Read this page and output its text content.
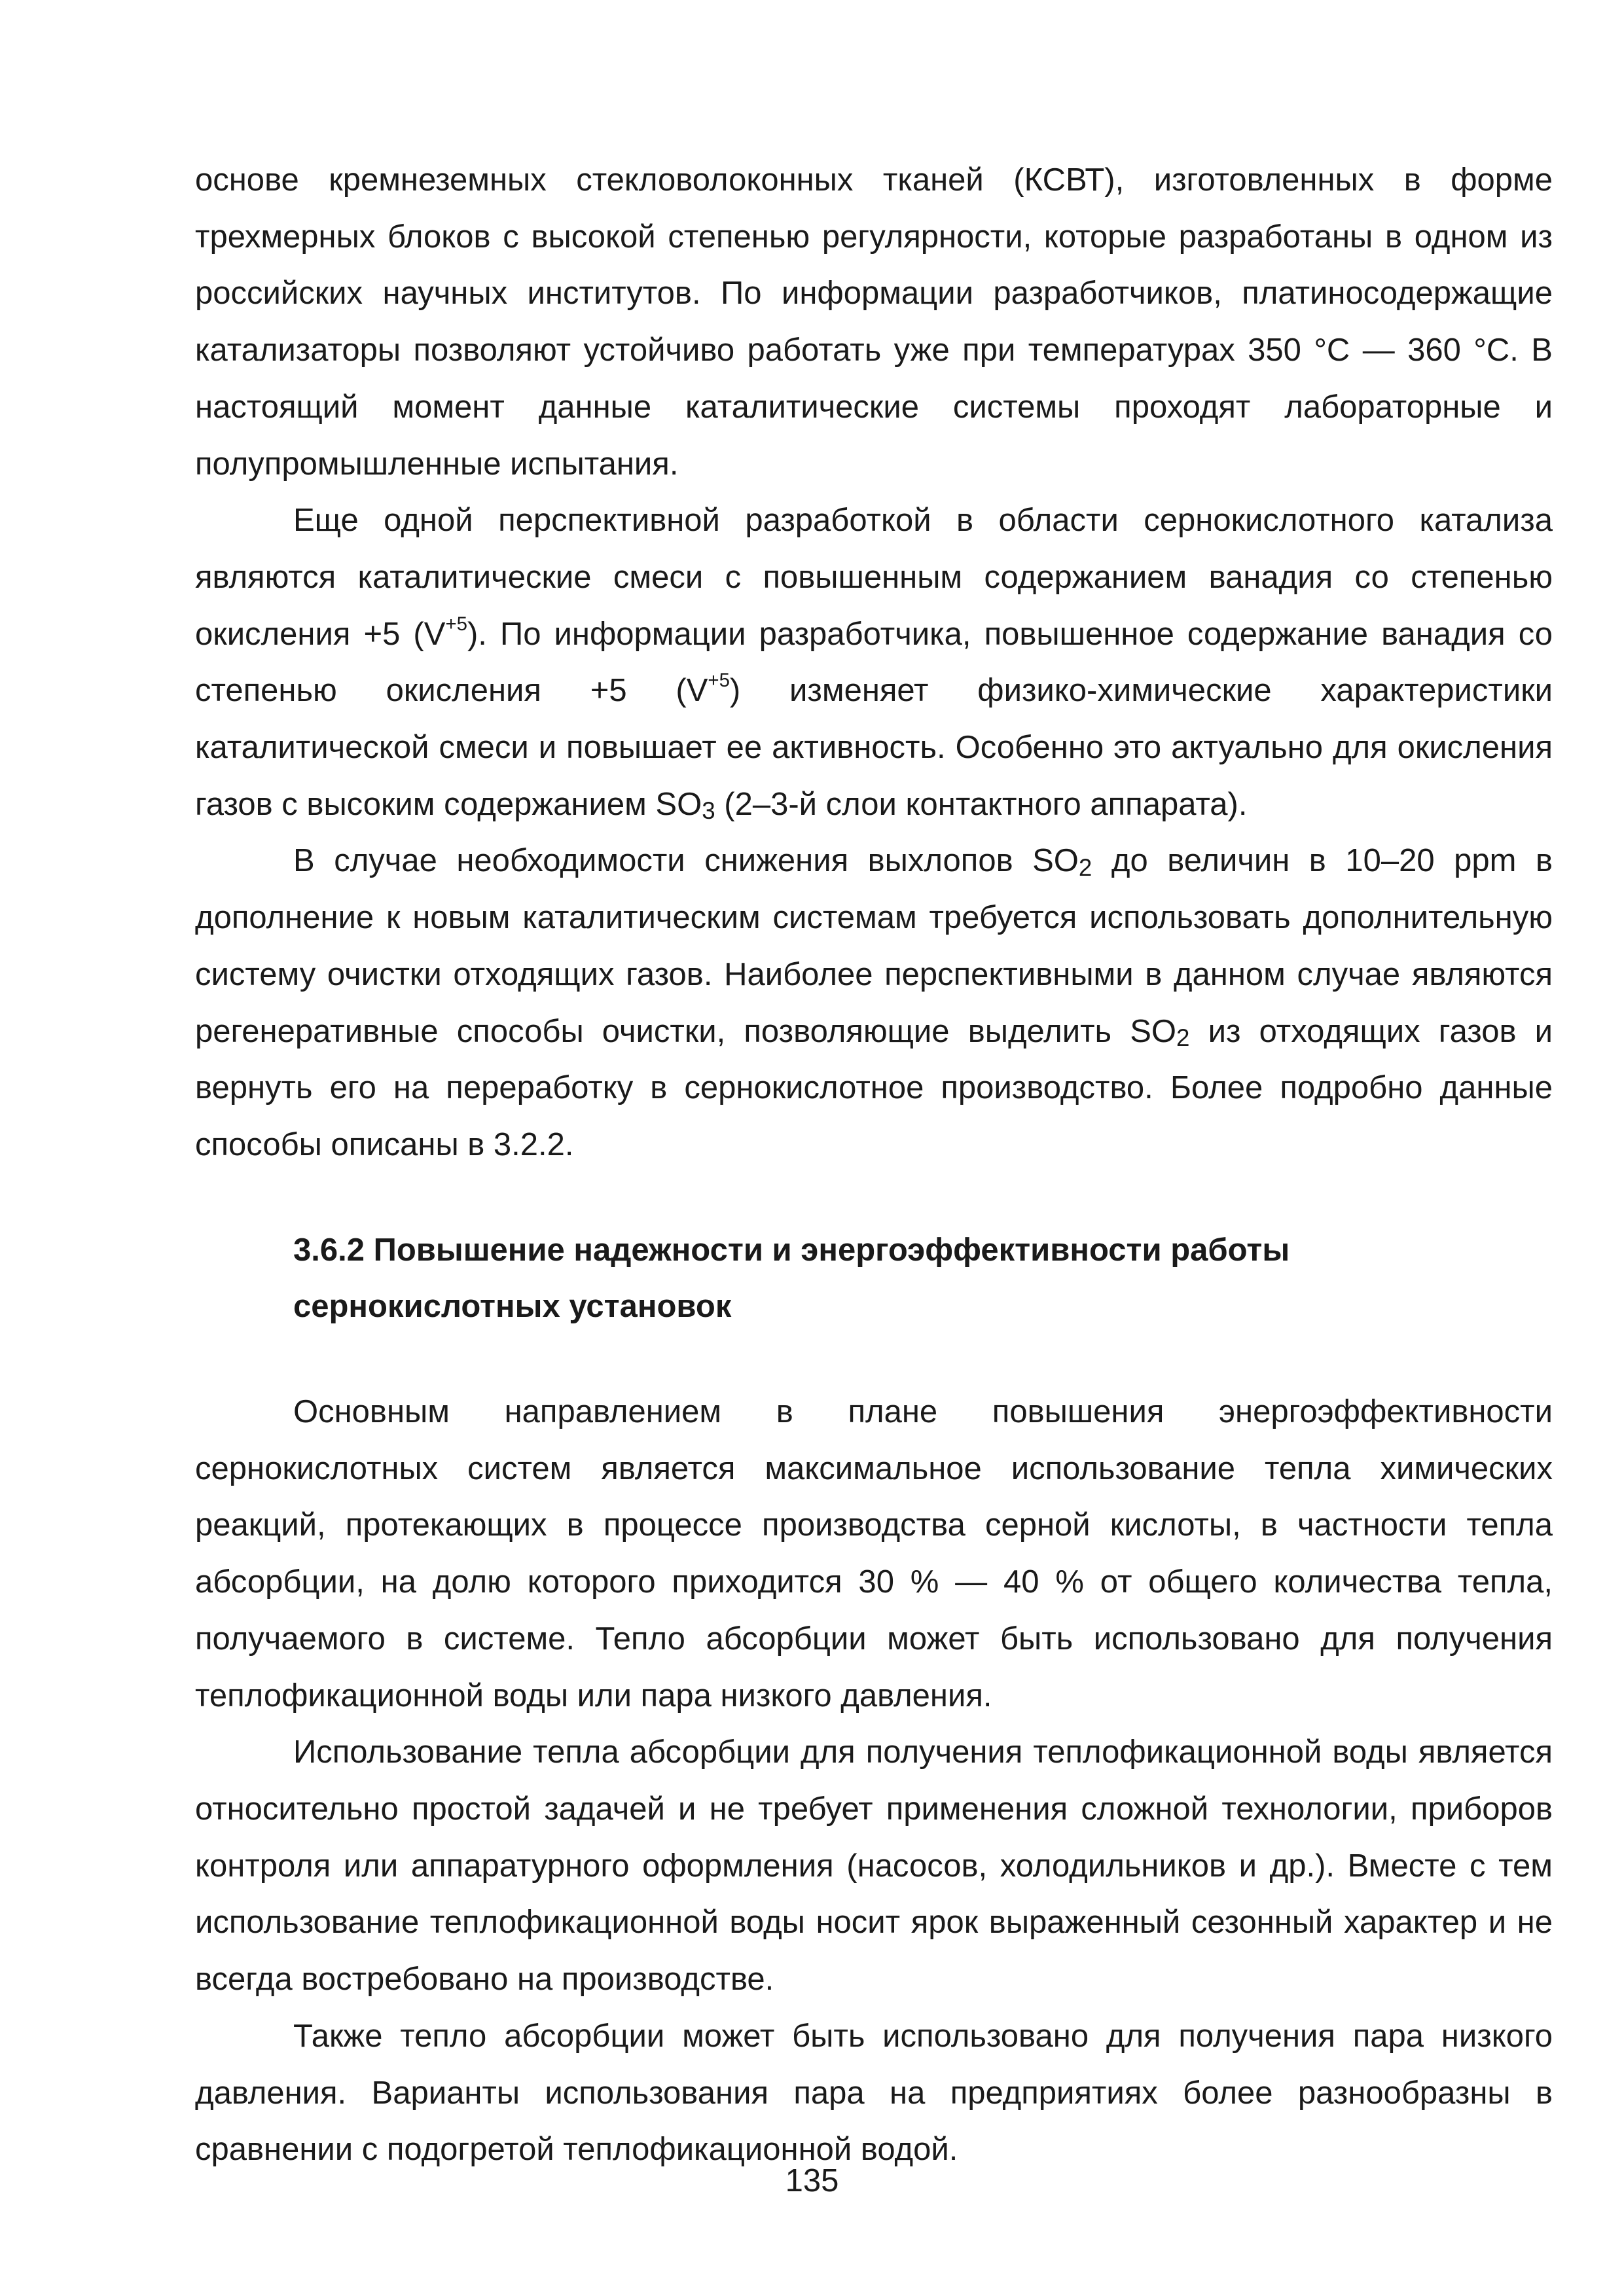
основе кремнеземных стекловолоконных тканей (КСВТ), изготовленных в форме трехмерных блоков с высокой степенью регулярности, которые разработаны в одном из российских научных институтов. По информации разработчиков, платиносодержащие катализаторы позволяют устойчиво работать уже при температурах 350 °С — 360 °С. В настоящий момент данные каталитические системы проходят лабораторные и полупромышленные испытания.

Еще одной перспективной разработкой в области сернокислотного катализа являются каталитические смеси с повышенным содержанием ванадия со степенью окисления +5 $(V^{+5})$. По информации разработчика, повышенное содержание ванадия со степенью окисления +5 $(V^{+5})$ изменяет физико-химические характеристики каталитической смеси и повышает ее активность. Особенно это актуально для окисления газов с высоким содержанием $SO_3$ (2–3-й слои контактного аппарата).

В случае необходимости снижения выхлопов $SO_2$ до величин в 10–20 ppm в дополнение к новым каталитическим системам требуется использовать дополнительную систему очистки отходящих газов. Наиболее перспективными в данном случае являются регенеративные способы очистки, позволяющие выделить $SO_2$ из отходящих газов и вернуть его на переработку в сернокислотное производство. Более подробно данные способы описаны в 3.2.2.

3.6.2 Повышение надежности и энергоэффективности работы
сернокислотных установок

Основным направлением в плане повышения энергоэффективности сернокислотных систем является максимальное использование тепла химических реакций, протекающих в процессе производства серной кислоты, в частности тепла абсорбции, на долю которого приходится 30 % — 40 % от общего количества тепла, получаемого в системе. Тепло абсорбции может быть использовано для получения теплофикационной воды или пара низкого давления.

Использование тепла абсорбции для получения теплофикационной воды является относительно простой задачей и не требует применения сложной технологии, приборов контроля или аппаратурного оформления (насосов, холодильников и др.). Вместе с тем использование теплофикационной воды носит ярок выраженный сезонный характер и не всегда востребовано на производстве.

Также тепло абсорбции может быть использовано для получения пара низкого давления. Варианты использования пара на предприятиях более разнообразны в сравнении с подогретой теплофикационной водой.

135
